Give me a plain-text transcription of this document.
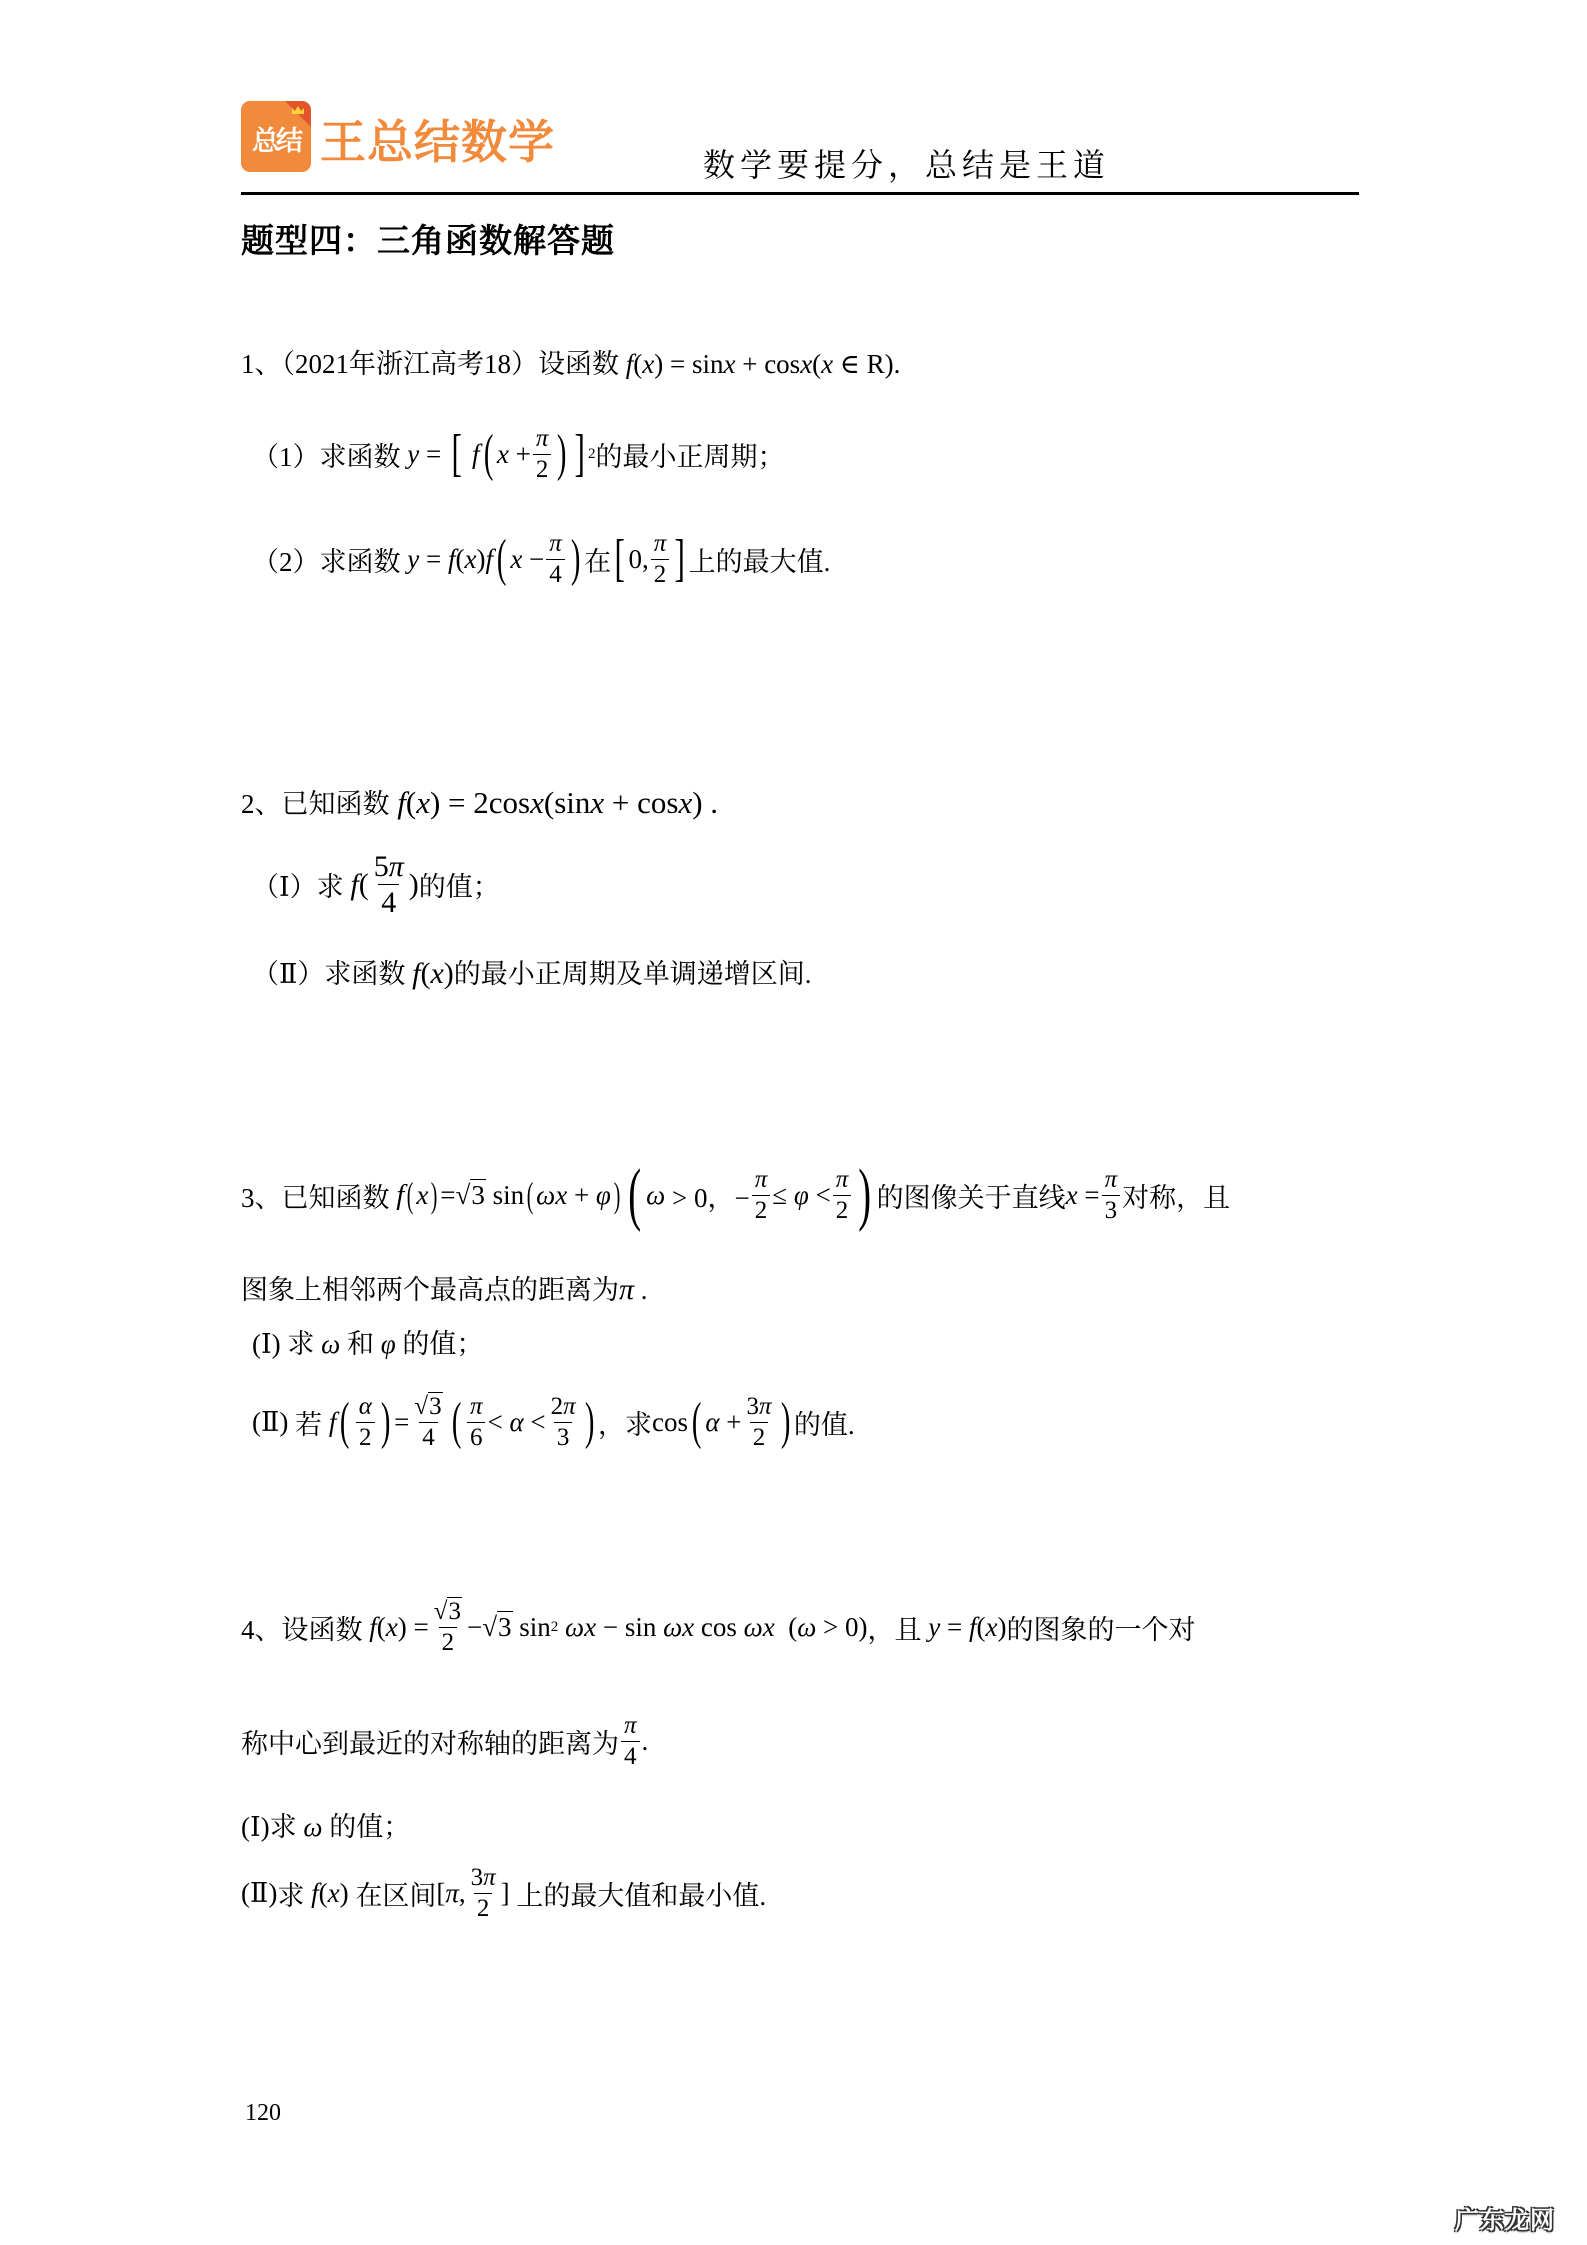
总结 王总结数学	数学要提分，总结是王道
题型四：三角函数解答题
1、（2021年浙江高考18）设函数 f(x) = sinx + cosx(x ∈ R).
（1） 求函数
y = [
f ( $x + \frac{\pi}{2}$ ) ] 2 的最小正周期；
（2） 求函数
y = f ( x ) f ( $x - \frac{\pi}{4}$ ) 在 [ 0, $\frac{\pi}{2}$ ] 上的最大值.
2、已知函数 f(x) = 2cosx(sinx + cosx) .
（Ⅰ） 求
f ( $\frac{5\pi}{4}$ ) 的值；
（Ⅱ）求函数 f(x)的最小正周期及单调递增区间.
3、 已知函数
f ( x ) = √3 sin ( ωx + φ ) ( ω > 0，− $\frac{\pi}{2} \le \varphi < \frac{\pi}{2}$ ) 的图像关于直线 $x = \frac{\pi}{3}$ 对称，且
图象上相邻两个最高点的距离为π .
(Ⅰ) 求 ω 和 φ 的值；
(Ⅱ)
若
f ( $\frac{\alpha}{2}$ ) = $\frac{√3}{4}$ ( $\frac{\pi}{6} < \alpha < \frac{2\pi}{3}$ ) ，求 cos ( $\alpha + \frac{3\pi}{2}$ ) 的值.
4、 设函数
f ( x ) = $\frac{√3}{2} - √3$ sin 2
ωx − sin ωx cos ωx ( ω > 0) ，且
y = f ( x ) 的图象的一个对
称中心到最近的对称轴的距离为 $\frac{\pi}{4}$ .
(Ⅰ)求 ω 的值；
(Ⅱ) 求
f ( x ) 在区间 [ π , $\frac{3\pi}{2}$ ] 上的最大值和最小值.
120
广东龙网
